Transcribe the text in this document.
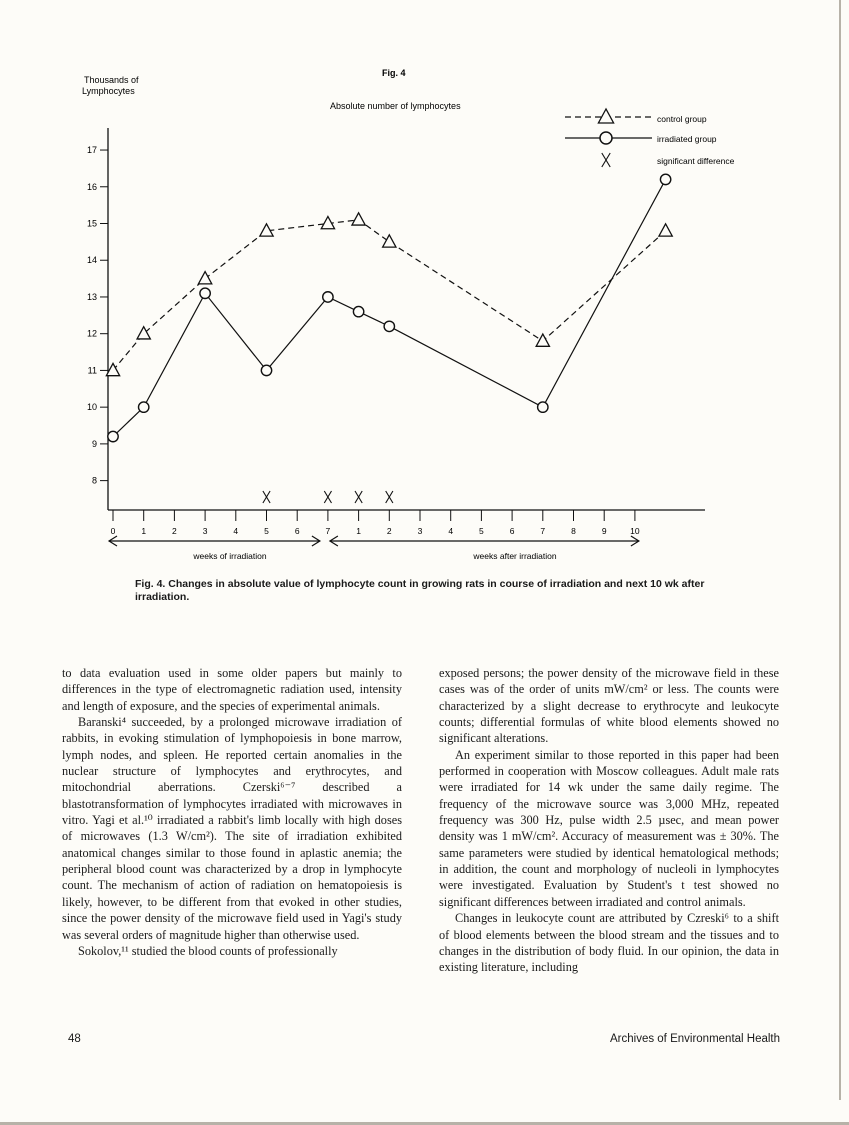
Fig. 4
Absolute number of lymphocytes
Thousands of
Lymphocytes
8
9
10
11
12
13
14
15
16
17
0	1	2	3	4	5	6	7	1	2	3	4	5	6	7	8	9	10
control group
irradiated group
significant difference
weeks of irradiation	weeks after irradiation
Fig. 4. Changes in absolute value of lymphocyte count in growing rats in course of irradiation and next 10 wk after irradiation.

to data evaluation used in some older papers but mainly to differences in the type of electromagnetic radiation used, intensity and length of exposure, and the species of experimental animals.

Baranski⁴ succeeded, by a prolonged microwave irradiation of rabbits, in evoking stimulation of lymphopoiesis in bone marrow, lymph nodes, and spleen. He reported certain anomalies in the nuclear structure of lymphocytes and erythrocytes, and mitochondrial aberrations. Czerski⁶⁻⁷ described a blastotransformation of lymphocytes irradiated with microwaves in vitro. Yagi et al.¹⁰ irradiated a rabbit's limb locally with high doses of microwaves (1.3 W/cm²). The site of irradiation exhibited anatomical changes similar to those found in aplastic anemia; the peripheral blood count was characterized by a drop in lymphocyte count. The mechanism of action of radiation on hematopoiesis is likely, however, to be different from that evoked in other studies, since the power density of the microwave field used in Yagi's study was several orders of magnitude higher than otherwise used.

Sokolov,¹¹ studied the blood counts of professionally

exposed persons; the power density of the microwave field in these cases was of the order of units mW/cm² or less. The counts were characterized by a slight decrease to erythrocyte and leukocyte counts; differential formulas of white blood elements showed no significant alterations.

An experiment similar to those reported in this paper had been performed in cooperation with Moscow colleagues. Adult male rats were irradiated for 14 wk under the same daily regime. The frequency of the microwave source was 3,000 MHz, repeated frequency was 300 Hz, pulse width 2.5 µsec, and mean power density was 1 mW/cm². Accuracy of measurement was ± 30%. The same parameters were studied by identical hematological methods; in addition, the count and morphology of nucleoli in lymphocytes were investigated. Evaluation by Student's t test showed no significant differences between irradiated and control animals.

Changes in leukocyte count are attributed by Czreski⁶ to a shift of blood elements between the blood stream and the tissues and to changes in the distribution of body fluid. In our opinion, the data in existing literature, including

48	Archives of Environmental Health
